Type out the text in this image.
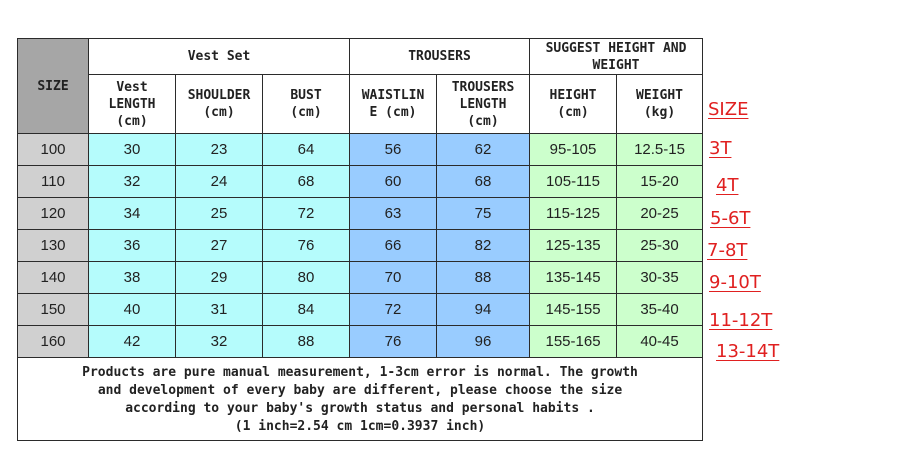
SIZE	Vest Set			TROUSERS		SUGGEST HEIGHT AND
WEIGHT	
	Vest
LENGTH
(cm)	SHOULDER
(cm)	BUST
(cm)	WAISTLIN
E (cm)	TROUSERS
LENGTH
(cm)	HEIGHT
(cm)	WEIGHT
(kg)
100	30	23	64	56	62	95-105	12.5-15
110	32	24	68	60	68	105-115	15-20
120	34	25	72	63	75	115-125	20-25
130	36	27	76	66	82	125-135	25-30
140	38	29	80	70	88	135-145	30-35
150	40	31	84	72	94	145-155	35-40
160	42	32	88	76	96	155-165	40-45

Products are pure manual measurement, 1-3cm error is normal. The growth
and development of every baby are different, please choose the size
according to your baby's growth status and personal habits .
(1 inch=2.54 cm 1cm=0.3937 inch)							
SIZE
3T
4T
5-6T
7-8T
9-10T
11-12T
13-14T
